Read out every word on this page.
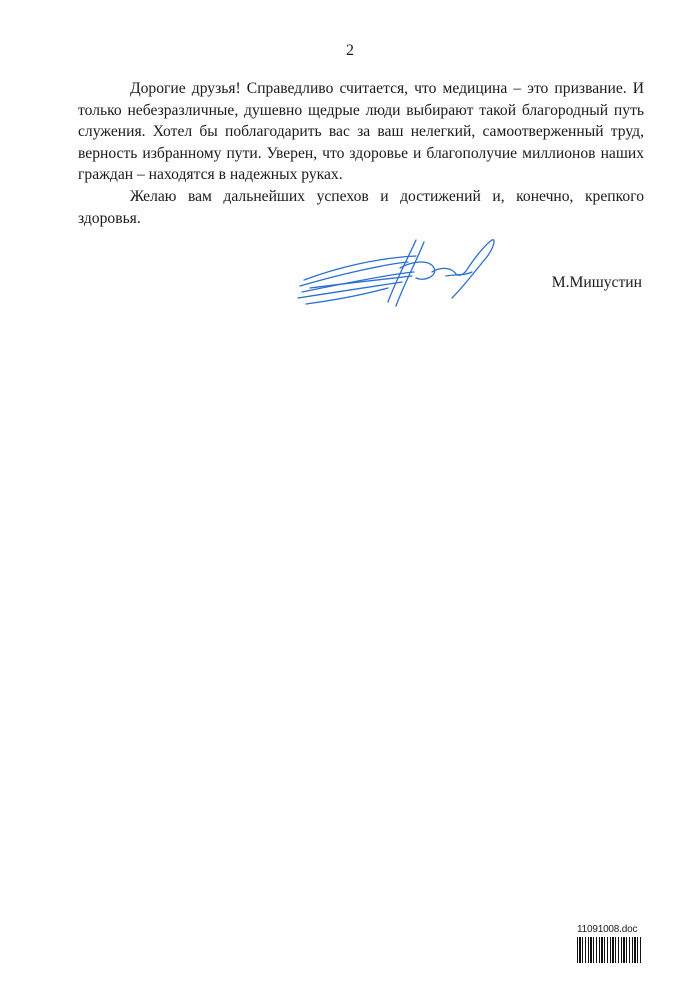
2

Дорогие друзья! Справедливо считается, что медицина – это призвание. И только небезразличные, душевно щедрые люди выбирают такой благородный путь служения. Хотел бы поблагодарить вас за ваш нелегкий, самоотверженный труд, верность избранному пути. Уверен, что здоровье и благополучие миллионов наших граждан – находятся в надежных руках.

Желаю вам дальнейших успехов и достижений и, конечно, крепкого здоровья.

М.Мишустин
11091008.doc
